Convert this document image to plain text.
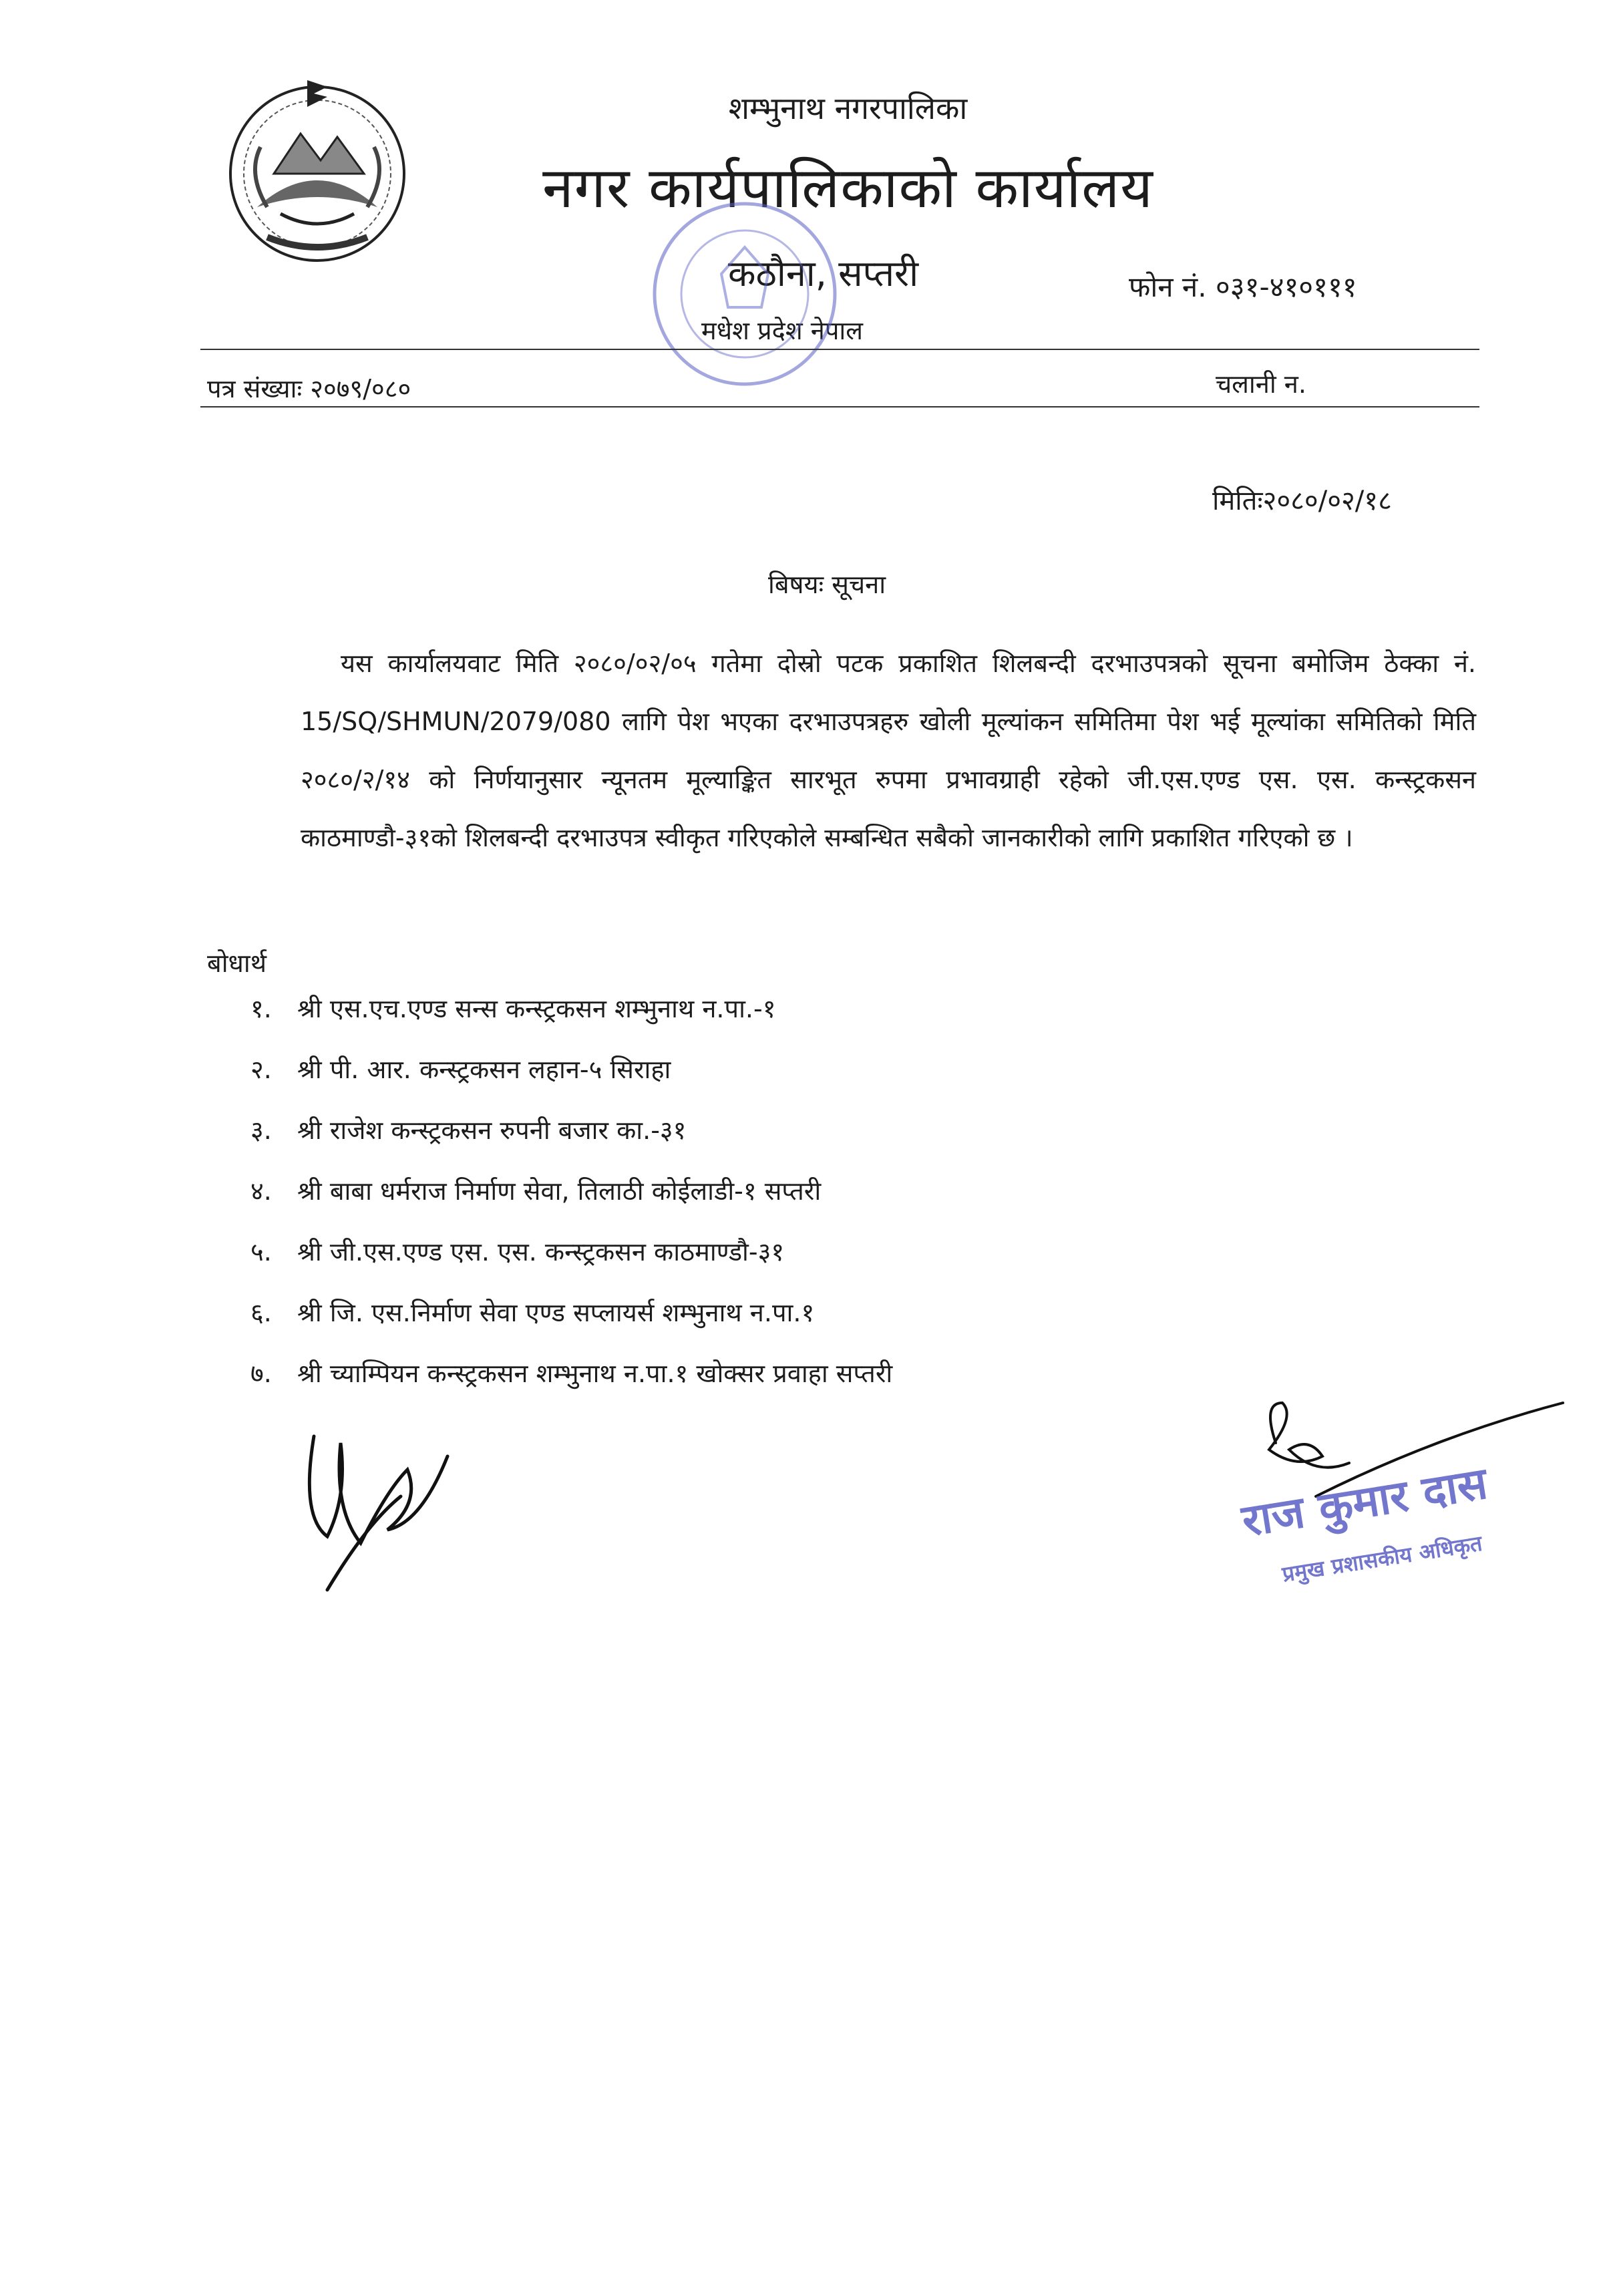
शम्भुनाथ नगरपालिका
नगर कार्यपालिकाको कार्यालय
कठौना, सप्तरी
मधेश प्रदेश नेपाल
फोन नं. ०३१-४१०१११
पत्र संख्याः २०७९/०८०	चलानी न.
मितिः२०८०/०२/१८
बिषयः सूचना
यस कार्यालयवाट मिति २०८०/०२/०५ गतेमा दोस्रो पटक प्रकाशित शिलबन्दी दरभाउपत्रको सूचना बमोजिम ठेक्का नं. 15/SQ/SHMUN/2079/080 लागि पेश भएका दरभाउपत्रहरु खोली मूल्यांकन समितिमा पेश भई मूल्यांका समितिको मिति २०८०/२/१४ को निर्णयानुसार न्यूनतम मूल्याङ्कित सारभूत रुपमा प्रभावग्राही रहेको जी.एस.एण्ड एस. एस. कन्स्ट्रकसन काठमाण्डौ-३१को शिलबन्दी दरभाउपत्र स्वीकृत गरिएकोले सम्बन्धित सबैको जानकारीको लागि प्रकाशित गरिएको छ ।
बोधार्थ
१. श्री एस.एच.एण्ड सन्स कन्स्ट्रकसन शम्भुनाथ न.पा.-१
२. श्री पी. आर. कन्स्ट्रकसन लहान-५ सिराहा
३. श्री राजेश कन्स्ट्रकसन रुपनी बजार का.-३१
४. श्री बाबा धर्मराज निर्माण सेवा, तिलाठी कोईलाडी-१ सप्तरी
५. श्री जी.एस.एण्ड एस. एस. कन्स्ट्रकसन काठमाण्डौ-३१
६. श्री जि. एस.निर्माण सेवा एण्ड सप्लायर्स शम्भुनाथ न.पा.१
७. श्री च्याम्पियन कन्स्ट्रकसन शम्भुनाथ न.पा.१ खोक्सर प्रवाहा सप्तरी
राज कुमार दास
प्रमुख प्रशासकीय अधिकृत
